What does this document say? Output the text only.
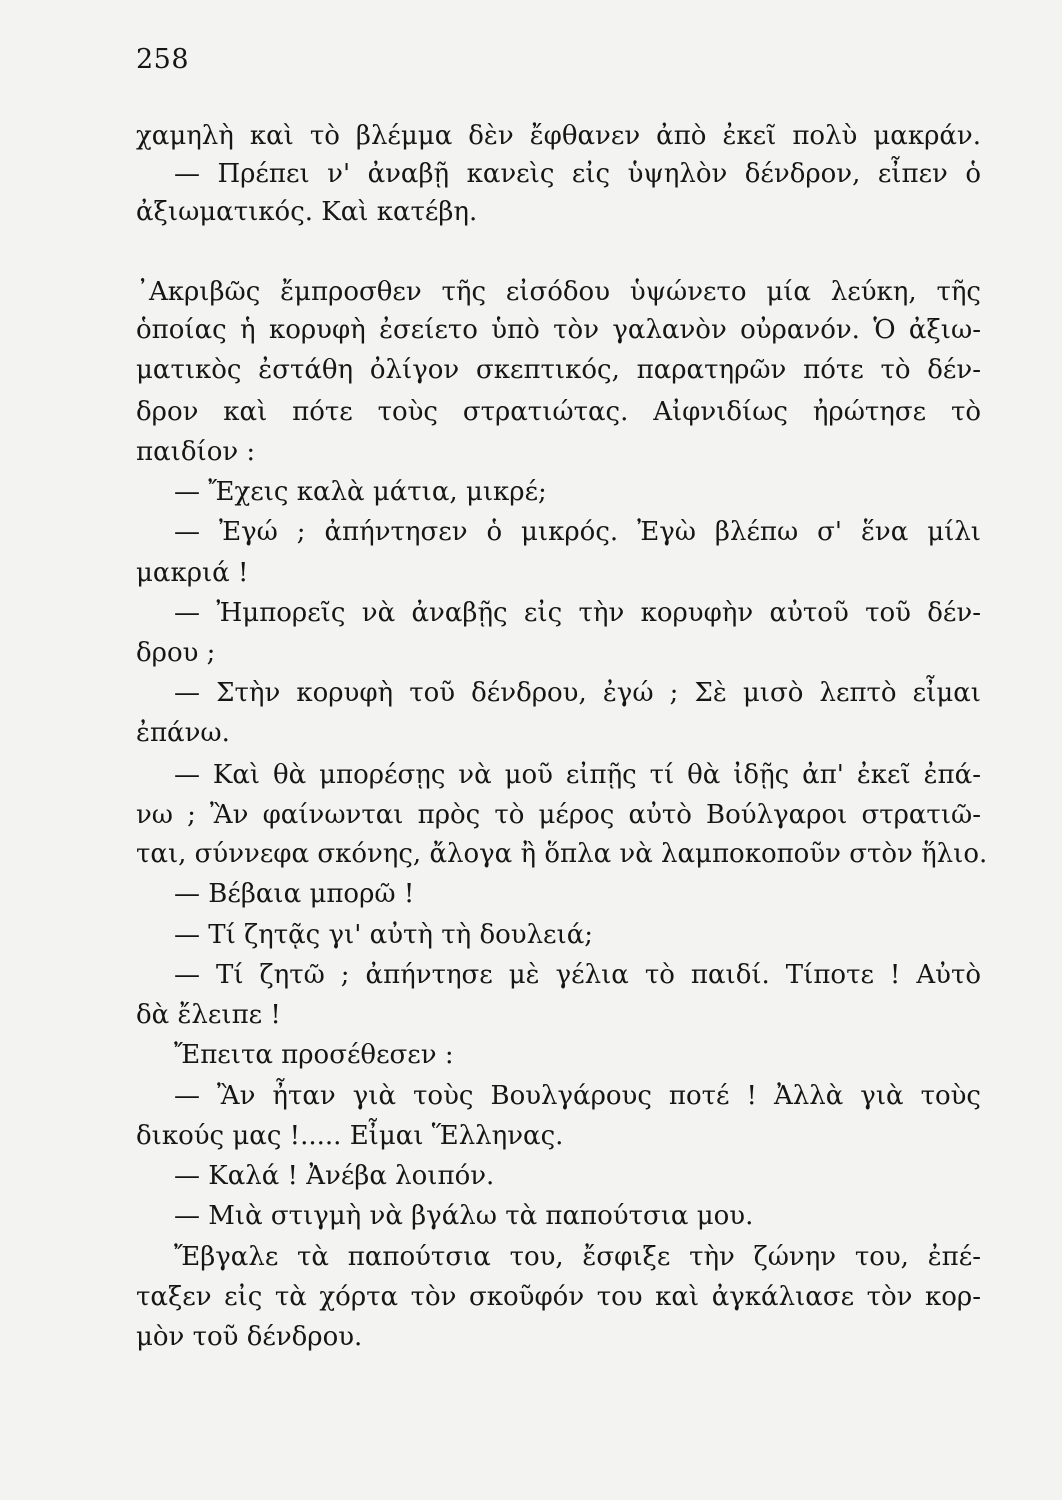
258
χαμηλὴ καὶ τὸ βλέμμα δὲν ἔφθανεν ἀπὸ ἐκεῖ πολὺ μακράν.
— Πρέπει ν' ἀναβῇ κανεὶς εἰς ὑψηλὸν δένδρον, εἶπεν ὁ
ἀξιωματικός. Καὶ κατέβη.
᾿Ακριβῶς ἔμπροσθεν τῆς εἰσόδου ὑψώνετο μία λεύκη, τῆς
ὁποίας ἡ κορυφὴ ἐσείετο ὑπὸ τὸν γαλανὸν οὐρανόν. Ὁ ἀξιω-
ματικὸς ἐστάθη ὀλίγον σκεπτικός, παρατηρῶν πότε τὸ δέν-
δρον καὶ πότε τοὺς στρατιώτας. Αἰφνιδίως ἠρώτησε τὸ
παιδίον :
— Ἔχεις καλὰ μάτια, μικρέ;
— Ἐγώ ; ἀπήντησεν ὁ μικρός. Ἐγὼ βλέπω σ' ἕνα μίλι
μακριά !
— Ἠμπορεῖς νὰ ἀναβῇς εἰς τὴν κορυφὴν αὐτοῦ τοῦ δέν-
δρου ;
— Στὴν κορυφὴ τοῦ δένδρου, ἐγώ ; Σὲ μισὸ λεπτὸ εἶμαι
ἐπάνω.
— Καὶ θὰ μπορέσῃς νὰ μοῦ εἰπῇς τί θὰ ἰδῇς ἀπ' ἐκεῖ ἐπά-
νω ; Ἂν φαίνωνται πρὸς τὸ μέρος αὐτὸ Βούλγαροι στρατιῶ-
ται, σύννεφα σκόνης, ἄλογα ἢ ὅπλα νὰ λαμποκοποῦν στὸν ἥλιο.
— Βέβαια μπορῶ !
— Τί ζητᾷς γι' αὐτὴ τὴ δουλειά;
— Τί ζητῶ ; ἀπήντησε μὲ γέλια τὸ παιδί. Τίποτε ! Αὐτὸ
δὰ ἔλειπε !
Ἔπειτα προσέθεσεν :
— Ἂν ἦταν γιὰ τοὺς Βουλγάρους ποτέ ! Ἀλλὰ γιὰ τοὺς
δικούς μας !..... Εἶμαι Ἕλληνας.
— Καλά ! Ἀνέβα λοιπόν.
— Μιὰ στιγμὴ νὰ βγάλω τὰ παπούτσια μου.
Ἔβγαλε τὰ παπούτσια του, ἔσφιξε τὴν ζώνην του, ἐπέ-
ταξεν εἰς τὰ χόρτα τὸν σκοῦφόν του καὶ ἀγκάλιασε τὸν κορ-
μὸν τοῦ δένδρου.
